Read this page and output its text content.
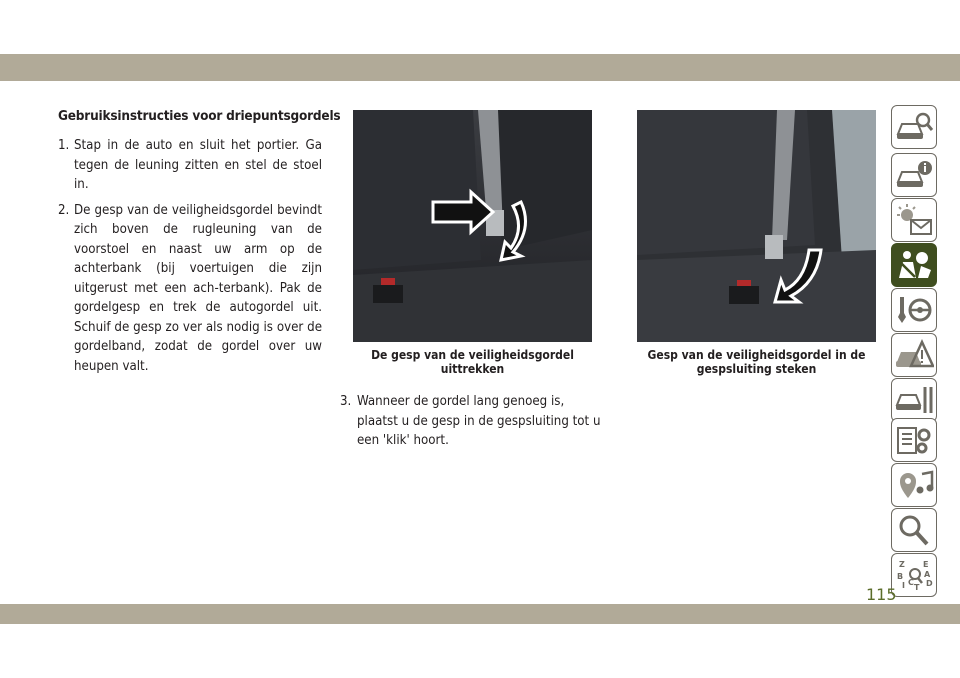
Gebruiksinstructies voor driepuntsgordels
1. Stap in de auto en sluit het portier. Ga tegen de leuning zitten en stel de stoel in.
2. De gesp van de veiligheidsgordel bevindt zich boven de rugleuning van de voorstoel en naast uw arm op de achterbank (bij voertuigen die zijn uitgerust met een ach-terbank). Pak de gordelgesp en trek de autogordel uit. Schuif de gesp zo ver als nodig is over de gordelband, zodat de gordel over uw heupen valt.
De gesp van de veiligheidsgordel uittrekken
Gesp van de veiligheidsgordel in de gespsluiting steken

3. Wanneer de gordel lang genoeg is, plaatst u de gesp in de gespsluiting tot u een 'klik' hoort.

Z E
B	A
I C
T D
115
